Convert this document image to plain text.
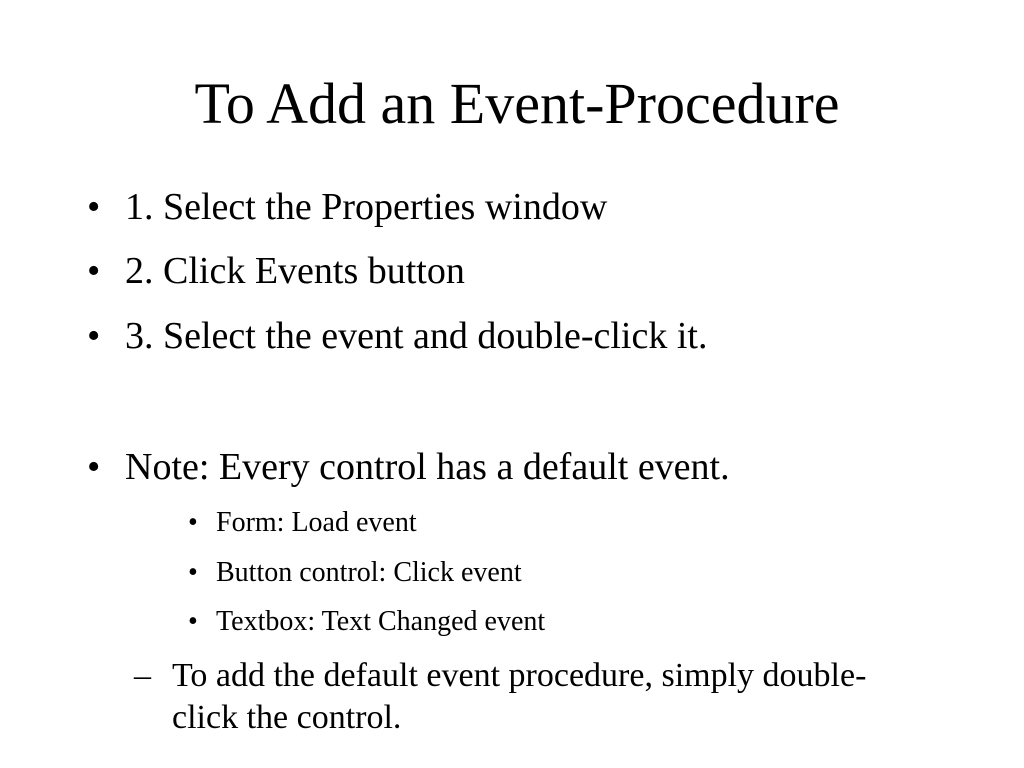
To Add an Event-Procedure
• 1. Select the Properties window
• 2. Click Events button
• 3. Select the event and double-click it.
• Note: Every control has a default event.
• Form: Load event
• Button control: Click event
• Textbox: Text Changed event
– To add the default event procedure, simply double-click the control.
